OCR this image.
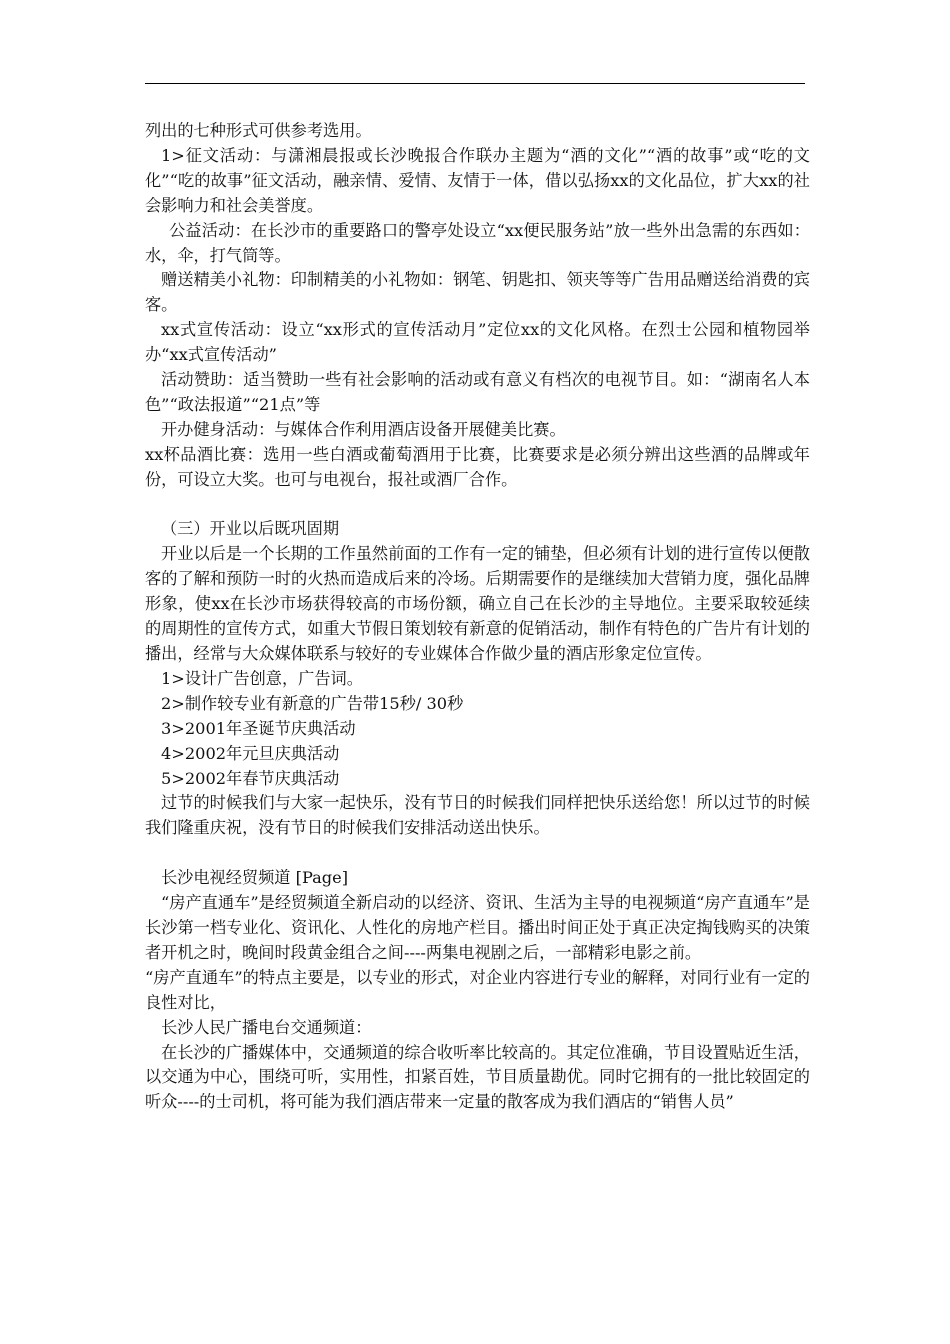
列出的七种形式可供参考选用。

1>征文活动：与潇湘晨报或长沙晚报合作联办主题为“酒的文化”“酒的故事”或“吃的文化”“吃的故事”征文活动，融亲情、爱情、友情于一体，借以弘扬xx的文化品位，扩大xx的社会影响力和社会美誉度。

公益活动：在长沙市的重要路口的警亭处设立“xx便民服务站”放一些外出急需的东西如：水，伞，打气筒等。

赠送精美小礼物：印制精美的小礼物如：钢笔、钥匙扣、领夹等等广告用品赠送给消费的宾客。

xx式宣传活动：设立“xx形式的宣传活动月”定位xx的文化风格。在烈士公园和植物园举办“xx式宣传活动”

活动赞助：适当赞助一些有社会影响的活动或有意义有档次的电视节目。如：“湖南名人本色”“政法报道”“21点”等

开办健身活动：与媒体合作利用酒店设备开展健美比赛。

xx杯品酒比赛：选用一些白酒或葡萄酒用于比赛，比赛要求是必须分辨出这些酒的品牌或年份，可设立大奖。也可与电视台，报社或酒厂合作。

（三）开业以后既巩固期

开业以后是一个长期的工作虽然前面的工作有一定的铺垫，但必须有计划的进行宣传以便散客的了解和预防一时的火热而造成后来的冷场。后期需要作的是继续加大营销力度，强化品牌形象，使xx在长沙市场获得较高的市场份额，确立自己在长沙的主导地位。主要采取较延续的周期性的宣传方式，如重大节假日策划较有新意的促销活动，制作有特色的广告片有计划的播出，经常与大众媒体联系与较好的专业媒体合作做少量的酒店形象定位宣传。

1>设计广告创意，广告词。

2>制作较专业有新意的广告带15秒/ 30秒

3>2001年圣诞节庆典活动

4>2002年元旦庆典活动

5>2002年春节庆典活动

过节的时候我们与大家一起快乐，没有节日的时候我们同样把快乐送给您！所以过节的时候我们隆重庆祝，没有节日的时候我们安排活动送出快乐。

长沙电视经贸频道 [Page]

“房产直通车”是经贸频道全新启动的以经济、资讯、生活为主导的电视频道“房产直通车”是长沙第一档专业化、资讯化、人性化的房地产栏目。播出时间正处于真正决定掏钱购买的决策者开机之时，晚间时段黄金组合之间----两集电视剧之后，一部精彩电影之前。

“房产直通车”的特点主要是，以专业的形式，对企业内容进行专业的解释，对同行业有一定的良性对比，

长沙人民广播电台交通频道：

在长沙的广播媒体中，交通频道的综合收听率比较高的。其定位准确，节目设置贴近生活，以交通为中心，围绕可听，实用性，扣紧百姓，节目质量勘优。同时它拥有的一批比较固定的听众----的士司机，将可能为我们酒店带来一定量的散客成为我们酒店的“销售人员”
